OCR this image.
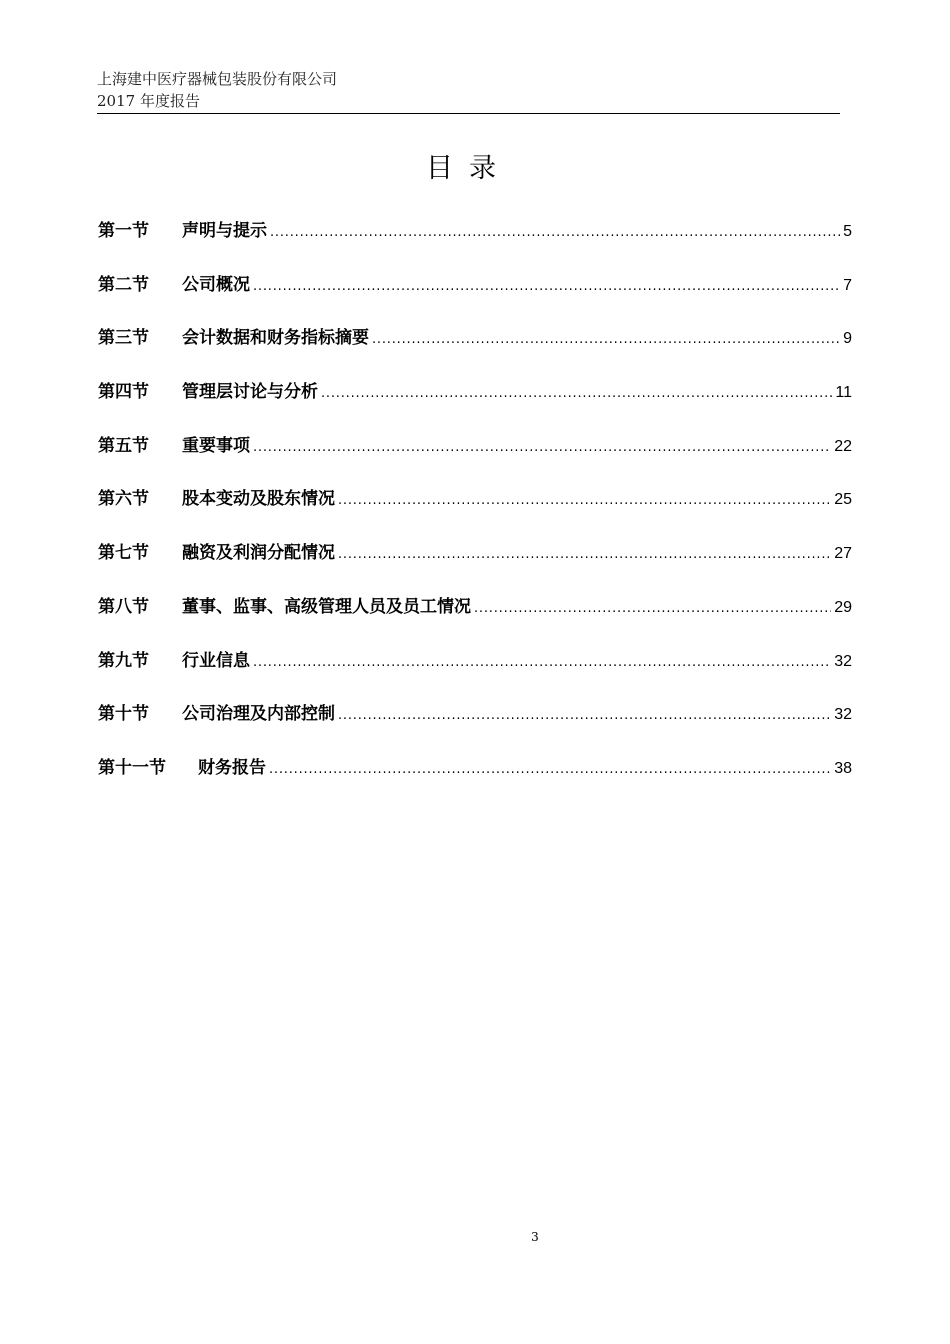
上海建中医疗器械包装股份有限公司
2017 年度报告
目录
第一节	声明与提示 .....	5
第二节	公司概况 .....	7
第三节	会计数据和财务指标摘要 .....	9
第四节	管理层讨论与分析 .....	11
第五节	重要事项 .....	22
第六节	股本变动及股东情况 .....	25
第七节	融资及利润分配情况 .....	27
第八节	董事、监事、高级管理人员及员工情况 .....	29
第九节	行业信息 .....	32
第十节	公司治理及内部控制 .....	32
第十一节	财务报告 .....	38
3
